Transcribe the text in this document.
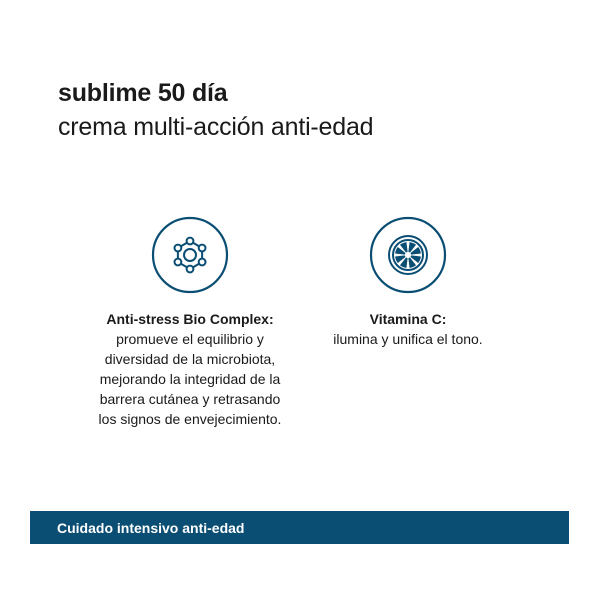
sublime 50 día
crema multi-acción anti-edad
Anti-stress Bio Complex:
promueve el equilibrio y
diversidad de la microbiota,
mejorando la integridad de la
barrera cutánea y retrasando
los signos de envejecimiento.
Vitamina C:
ilumina y unifica el tono.
Cuidado intensivo anti-edad
